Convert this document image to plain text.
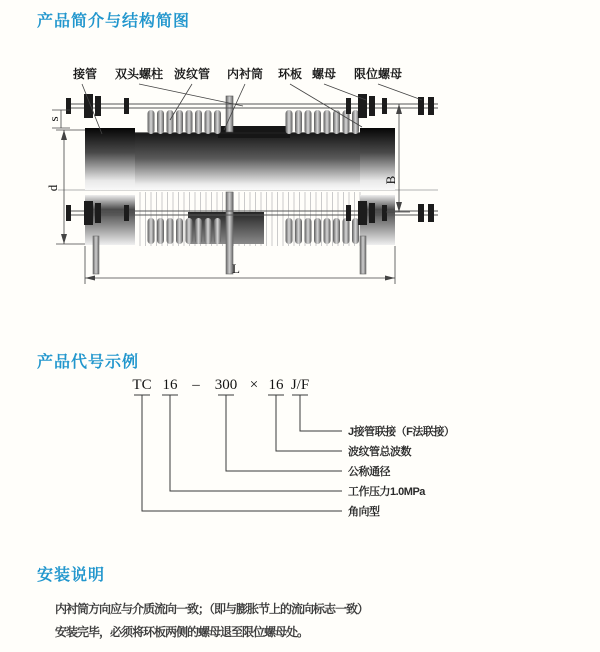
产品简介与结构简图
s
d
B
L
接管 双头螺柱 波纹管 内衬筒 环板 螺母 限位螺母
产品代号示例
TC 16 – 300 × 16 J/F
J接管联接（F法联接）
波纹管总波数
公称通径
工作压力1.0MPa
角向型
安装说明
内衬筒方向应与介质流向一致；（即与膨胀节上的流向标志一致）
安装完毕，必须将环板两侧的螺母退至限位螺母处。
